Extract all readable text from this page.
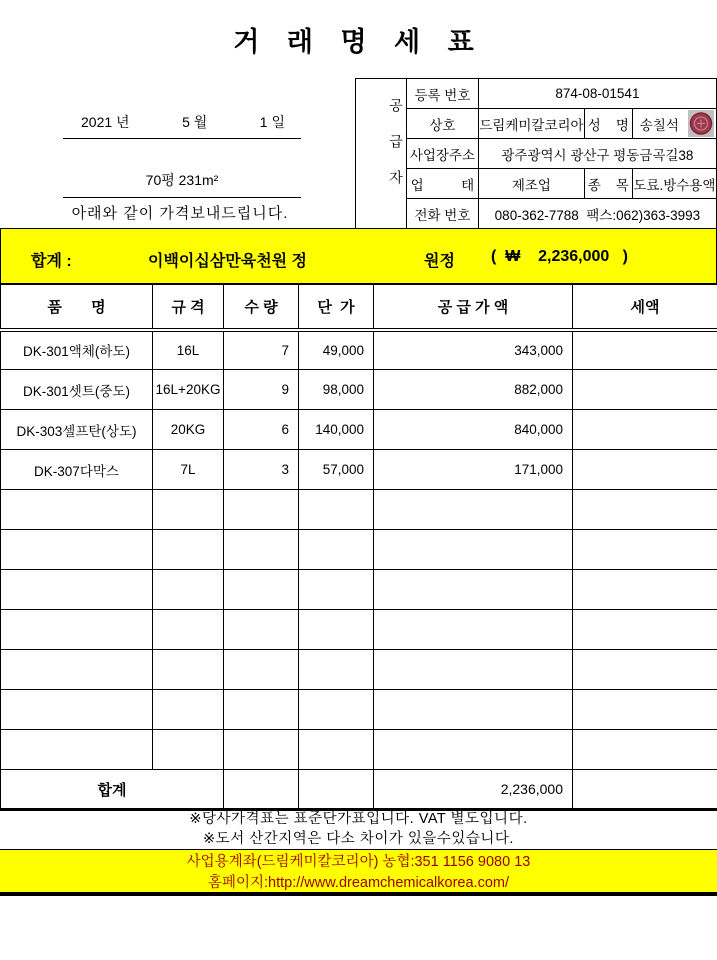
거 래 명 세 표
2021 년	5 월	1 일
70평 231m²
아래와 같이 가격보내드립니다.

공급자	등록 번호	874-08-01541		
	상호	드림케미칼코리아	성    명	송칠석

	사업장주소	광주광역시 광산구 평동금곡길38		
	업          태	제조업	종    목	도료.방수용액
	전화 번호	080-362-7788  팩스:062)363-3993		
합계 :	이백이십삼만육천원 정	원정 (  ₩    2,236,000   )
품       명	규 격	수 량	단  가	공 급 가 액	세액
DK-301액체(하도)	16L	7	49,000	343,000	
DK-301셋트(중도)	16L+20KG	9	98,000	882,000	
DK-303셀프탄(상도)	20KG	6	140,000	840,000	
DK-307다막스	7L	3	57,000	171,000	

합계				2,236,000	
※당사가격표는 표준단가표입니다. VAT 별도입니다.
※도서 산간지역은 다소 차이가 있을수있습니다.
사업용계좌(드림케미칼코리아) 농협:351 1156 9080 13
홈페이지:http://www.dreamchemicalkorea.com/
